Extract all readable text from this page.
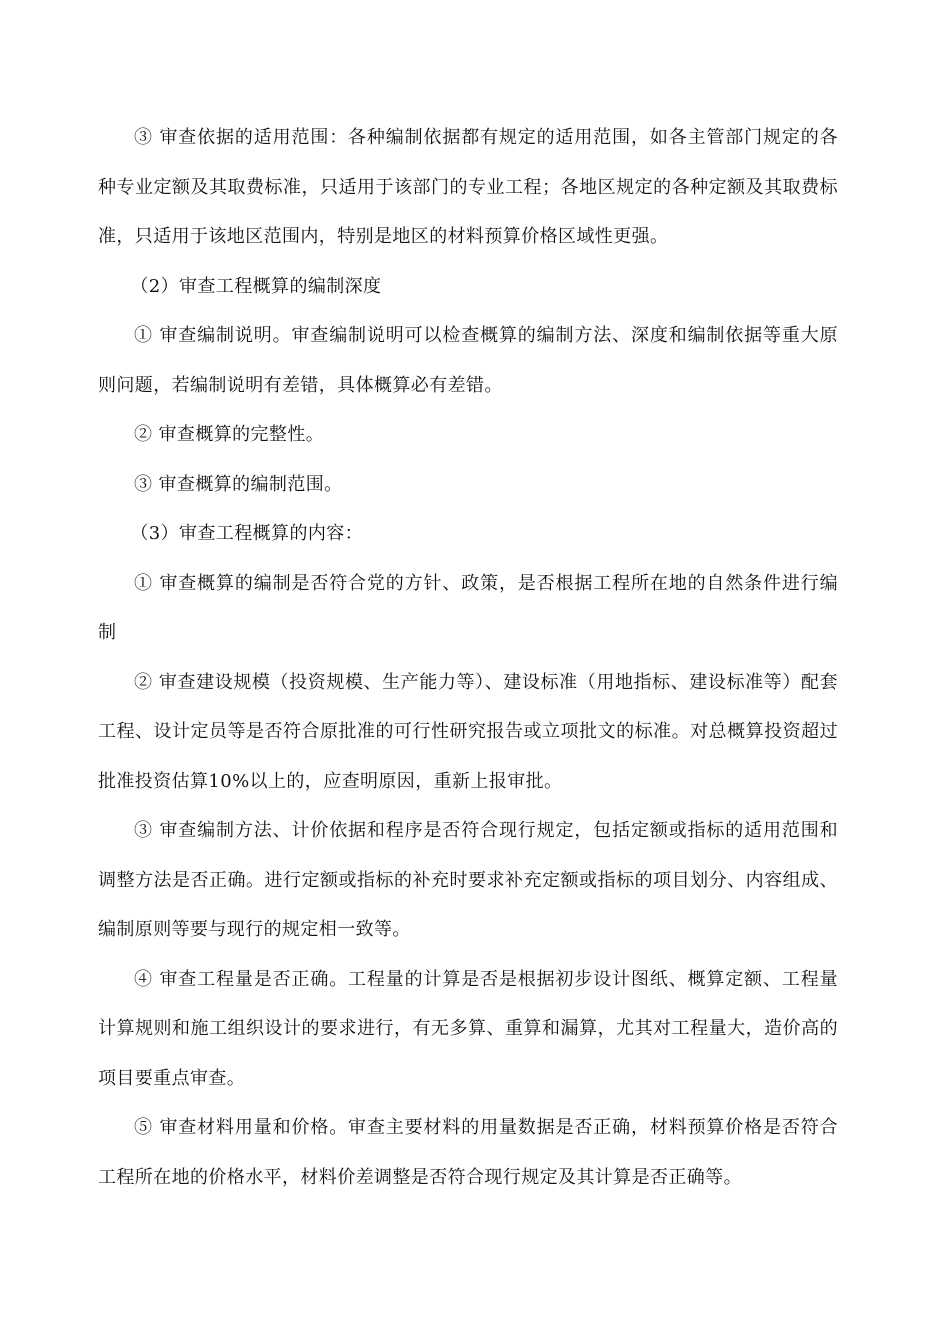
③ 审查依据的适用范围：各种编制依据都有规定的适用范围，如各主管部门规定的各种专业定额及其取费标准，只适用于该部门的专业工程；各地区规定的各种定额及其取费标准，只适用于该地区范围内，特别是地区的材料预算价格区域性更强。

（2）审查工程概算的编制深度

① 审查编制说明。审查编制说明可以检查概算的编制方法、深度和编制依据等重大原则问题，若编制说明有差错，具体概算必有差错。

② 审查概算的完整性。

③ 审查概算的编制范围。

（3）审查工程概算的内容：

① 审查概算的编制是否符合党的方针、政策，是否根据工程所在地的自然条件进行编制

② 审查建设规模（投资规模、生产能力等）、建设标准（用地指标、建设标准等）配套工程、设计定员等是否符合原批准的可行性研究报告或立项批文的标准。对总概算投资超过批准投资估算10%以上的，应查明原因，重新上报审批。

③ 审查编制方法、计价依据和程序是否符合现行规定，包括定额或指标的适用范围和调整方法是否正确。进行定额或指标的补充时要求补充定额或指标的项目划分、内容组成、编制原则等要与现行的规定相一致等。

④ 审查工程量是否正确。工程量的计算是否是根据初步设计图纸、概算定额、工程量计算规则和施工组织设计的要求进行，有无多算、重算和漏算，尤其对工程量大，造价高的项目要重点审查。

⑤ 审查材料用量和价格。审查主要材料的用量数据是否正确，材料预算价格是否符合工程所在地的价格水平，材料价差调整是否符合现行规定及其计算是否正确等。
